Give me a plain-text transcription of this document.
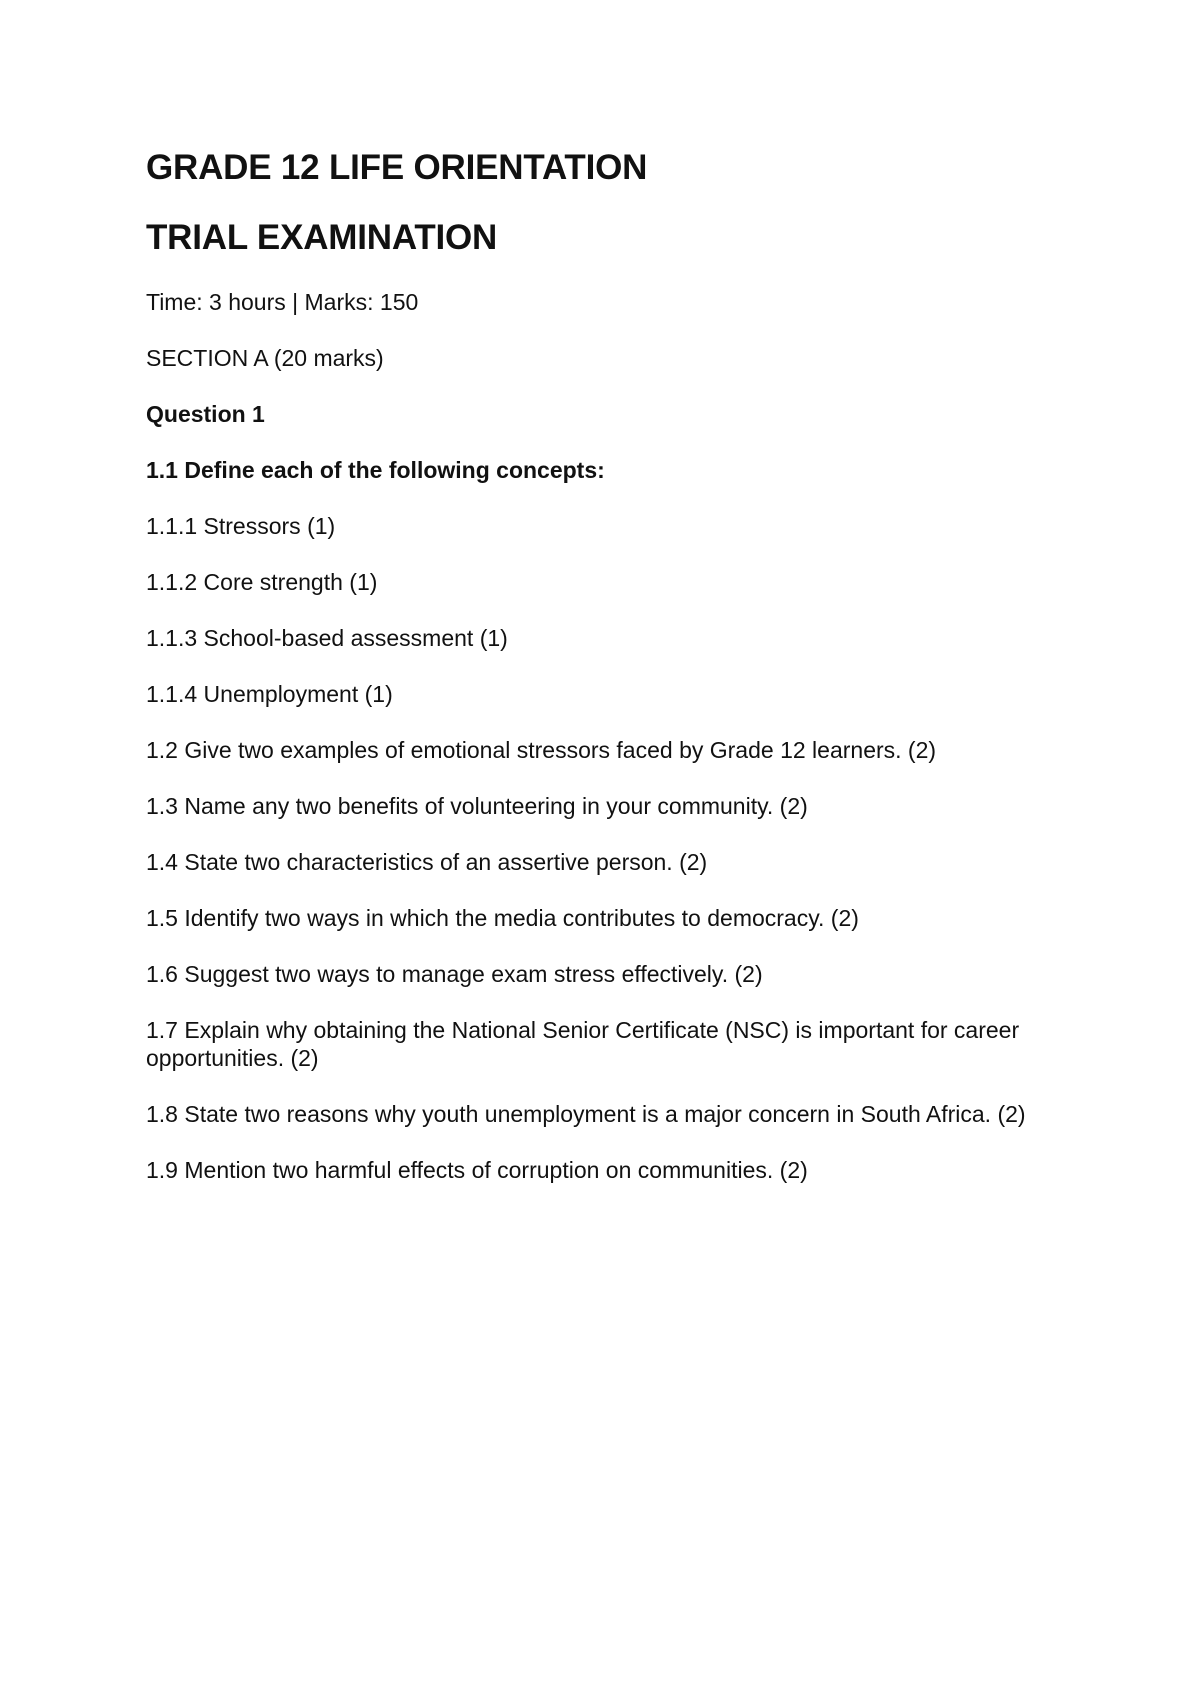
GRADE 12 LIFE ORIENTATION
TRIAL EXAMINATION

Time: 3 hours | Marks: 150

SECTION A (20 marks)

Question 1

1.1 Define each of the following concepts:

1.1.1 Stressors (1)
1.1.2 Core strength (1)
1.1.3 School-based assessment (1)
1.1.4 Unemployment (1)
1.2 Give two examples of emotional stressors faced by Grade 12 learners. (2)
1.3 Name any two benefits of volunteering in your community. (2)
1.4 State two characteristics of an assertive person. (2)
1.5 Identify two ways in which the media contributes to democracy. (2)
1.6 Suggest two ways to manage exam stress effectively. (2)
1.7 Explain why obtaining the National Senior Certificate (NSC) is important for career opportunities. (2)
1.8 State two reasons why youth unemployment is a major concern in South Africa. (2)
1.9 Mention two harmful effects of corruption on communities. (2)
